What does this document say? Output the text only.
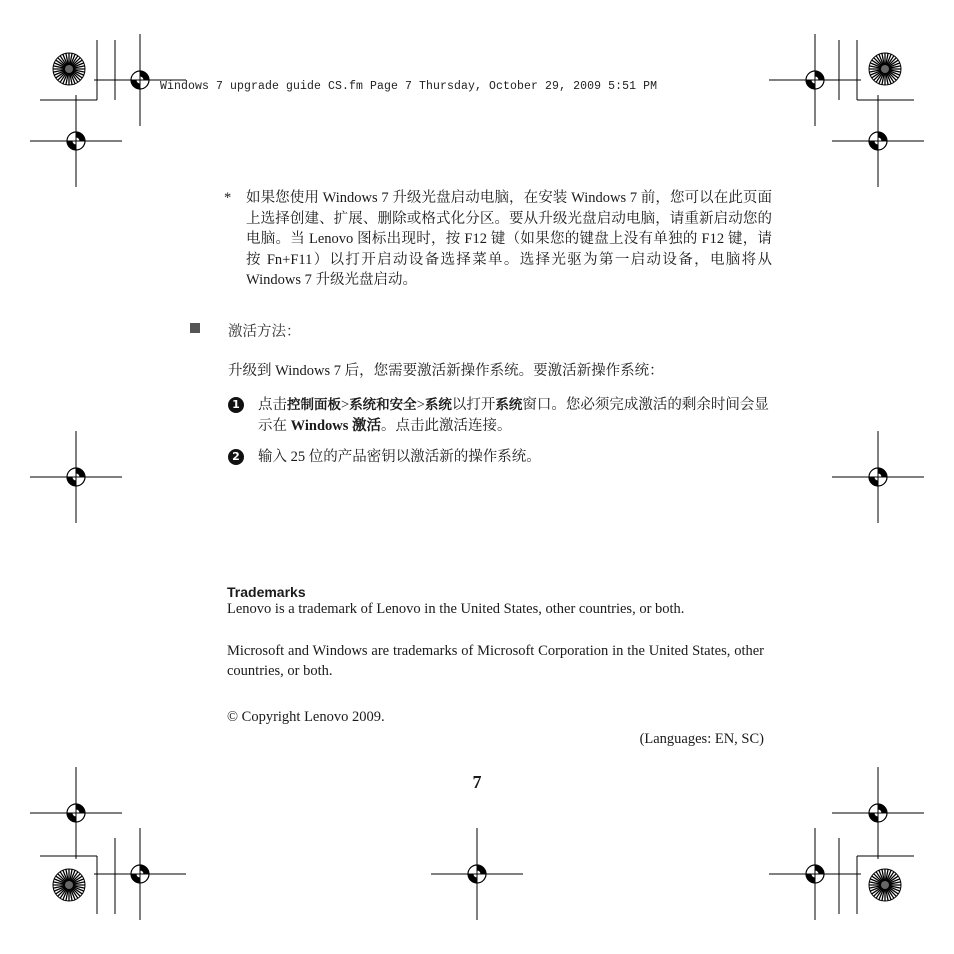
Windows 7 upgrade guide CS.fm Page 7 Thursday, October 29, 2009 5:51 PM
* 如果您使用 Windows 7 升级光盘启动电脑，在安装 Windows 7 前，您可以在此页面上选择创建、扩展、删除或格式化分区。要从升级光盘启动电脑，请重新启动您的电脑。当 Lenovo 图标出现时，按 F12 键（如果您的键盘上没有单独的 F12 键，请按 Fn+F11）以打开启动设备选择菜单。选择光驱为第一启动设备，电脑将从 Windows 7 升级光盘启动。
激活方法：
升级到 Windows 7 后，您需要激活新操作系统。要激活新操作系统：
1 点击控制面板>系统和安全>系统以打开系统窗口。您必须完成激活的剩余时间会显示在 Windows 激活。点击此激活连接。
2 输入 25 位的产品密钥以激活新的操作系统。
Trademarks
Lenovo is a trademark of Lenovo in the United States, other countries, or both.
Microsoft and Windows are trademarks of Microsoft Corporation in the United States, other countries, or both.
© Copyright Lenovo 2009.
(Languages: EN, SC)
7
